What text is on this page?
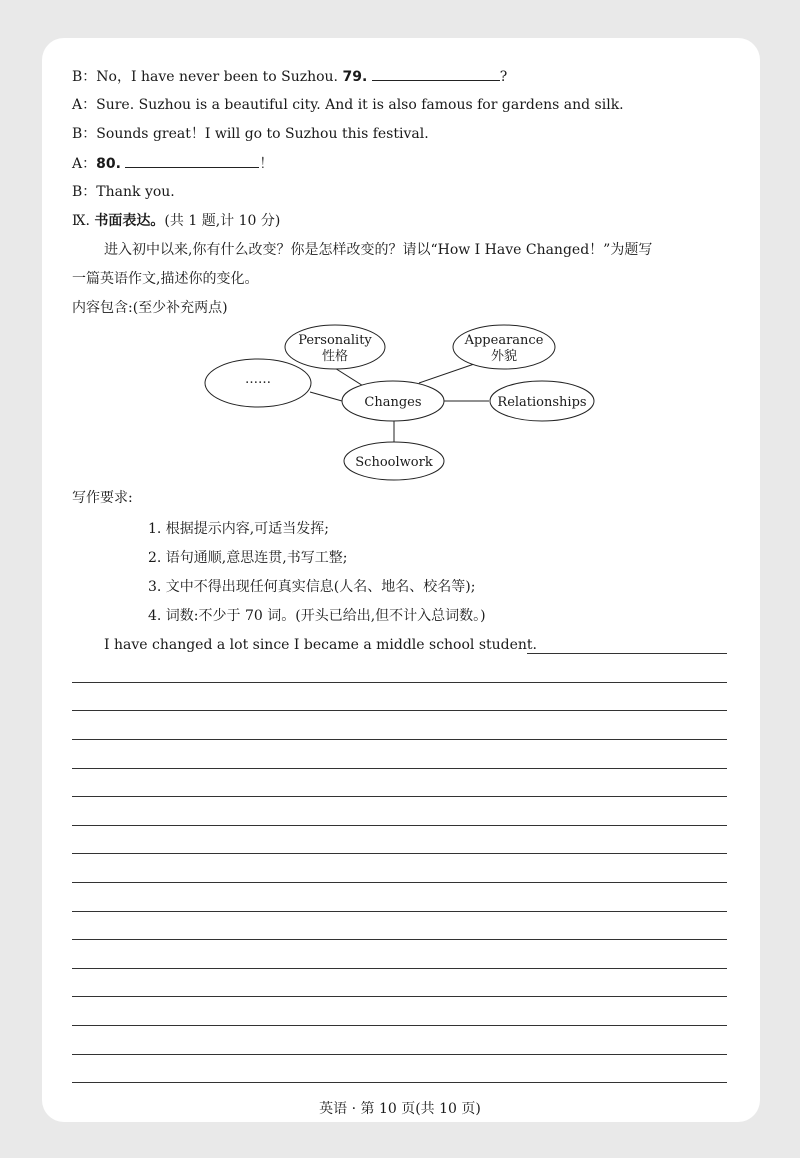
B：No，I have never been to Suzhou. 79.	?
A：Sure. Suzhou is a beautiful city. And it is also famous for gardens and silk.
B：Sounds great！I will go to Suzhou this festival.
A：80.	！
B：Thank you.
Ⅸ. 书面表达。(共 1 题,计 10 分)
进入初中以来,你有什么改变？你是怎样改变的？请以“How I Have Changed！”为题写
一篇英语作文,描述你的变化。
内容包含:(至少补充两点)
Personality
性格
Appearance
外貌
……
Changes	Relationships
Schoolwork
写作要求:
1. 根据提示内容,可适当发挥;
2. 语句通顺,意思连贯,书写工整;
3. 文中不得出现任何真实信息(人名、地名、校名等);
4. 词数:不少于 70 词。(开头已给出,但不计入总词数。)
I have changed a lot since I became a middle school student.
英语 · 第 10 页(共 10 页)
